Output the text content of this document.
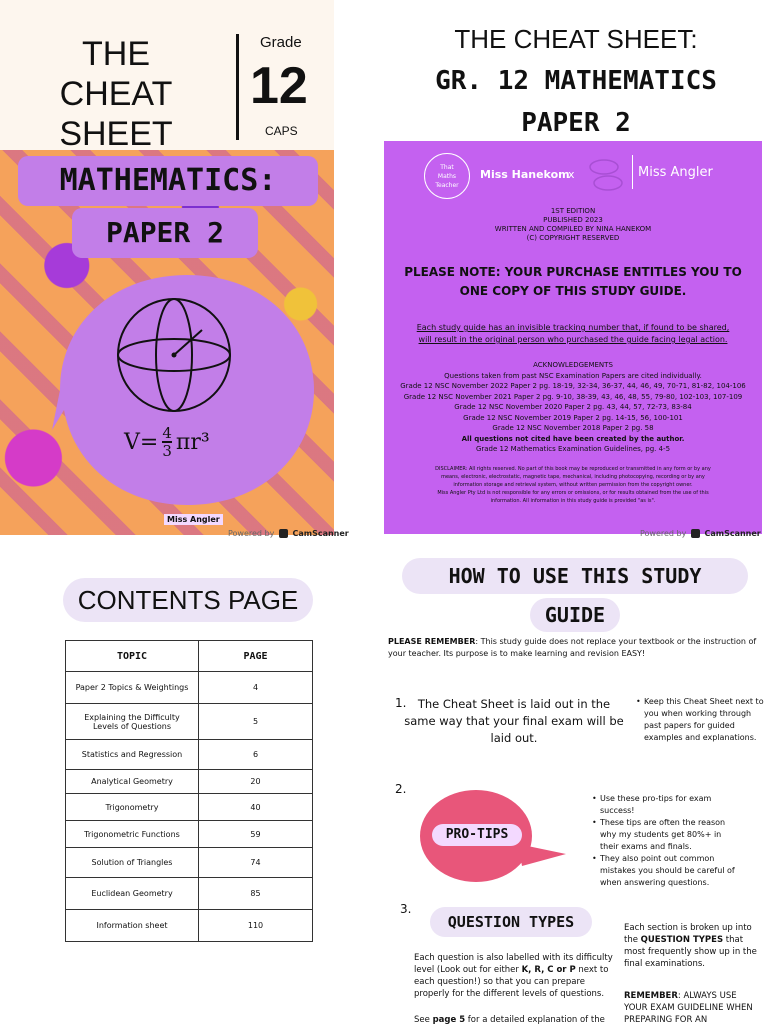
THE
CHEAT SHEET
Grade
12
CAPS
MATHEMATICS:
PAPER 2
$V= \frac{4}{3} \pi r^3$
Miss Angler
Powered by CamScanner
THE CHEAT SHEET:
GR. 12 MATHEMATICS
PAPER 2
That
Maths
Teacher
Miss Hanekom
x	Miss Angler
1ST EDITION
PUBLISHED 2023
WRITTEN AND COMPILED BY NINA HANEKOM
(C) COPYRIGHT RESERVED
PLEASE NOTE: YOUR PURCHASE ENTITLES YOU TO
ONE COPY OF THIS STUDY GUIDE.
Each study guide has an invisible tracking number that, if found to be shared,
will result in the original person who purchased the guide facing legal action.
ACKNOWLEDGEMENTS
Questions taken from past NSC Examination Papers are cited individually.
Grade 12 NSC November 2022 Paper 2 pg. 18-19, 32-34, 36-37, 44, 46, 49, 70-71, 81-82, 104-106
Grade 12 NSC November 2021 Paper 2 pg. 9-10, 38-39, 43, 46, 48, 55, 79-80, 102-103, 107-109
Grade 12 NSC November 2020 Paper 2 pg. 43, 44, 57, 72-73, 83-84
Grade 12 NSC November 2019 Paper 2 pg. 14-15, 56, 100-101
Grade 12 NSC November 2018 Paper 2 pg. 58
All questions not cited have been created by the author.
Grade 12 Mathematics Examination Guidelines, pg. 4-5
DISCLAIMER: All rights reserved. No part of this book may be reproduced or transmitted in any form or by any
means, electronic, electrostatic, magnetic tape, mechanical, including photocopying, recording or by any
information storage and retrieval system, without written permission from the copyright owner.
Miss Angler Pty Ltd is not responsible for any errors or omissions, or for results obtained from the use of this
information. All information in this study guide is provided "as is".
Powered by CamScanner
CONTENTS PAGE
TOPIC	PAGE
Paper 2 Topics & Weightings	4
Explaining the Difficulty Levels of Questions	5
Statistics and Regression	6
Analytical Geometry	20
Trigonometry	40
Trigonometric Functions	59
Solution of Triangles	74
Euclidean Geometry	85
Information sheet	110
HOW TO USE THIS STUDY
GUIDE
PLEASE REMEMBER: This study guide does not replace your textbook or the instruction of your teacher. Its purpose is to make learning and revision EASY!
1. The Cheat Sheet is laid out in the same way that your final exam will be laid out.
• Keep this Cheat Sheet next to you when working through past papers for guided examples and explanations.
2.
PRO-TIPS
• Use these pro-tips for exam success!
• These tips are often the reason why my students get 80%+ in their exams and finals.
• They also point out common mistakes you should be careful of when answering questions.
3.
QUESTION TYPES
Each question is also labelled with its difficulty level (Look out for either K, R, C or P next to each question!) so that you can prepare properly for the different levels of questions.
See page 5 for a detailed explanation of the
Each section is broken up into the QUESTION TYPES that most frequently show up in the final examinations.
REMEMBER: ALWAYS USE YOUR EXAM GUIDELINE WHEN PREPARING FOR AN
